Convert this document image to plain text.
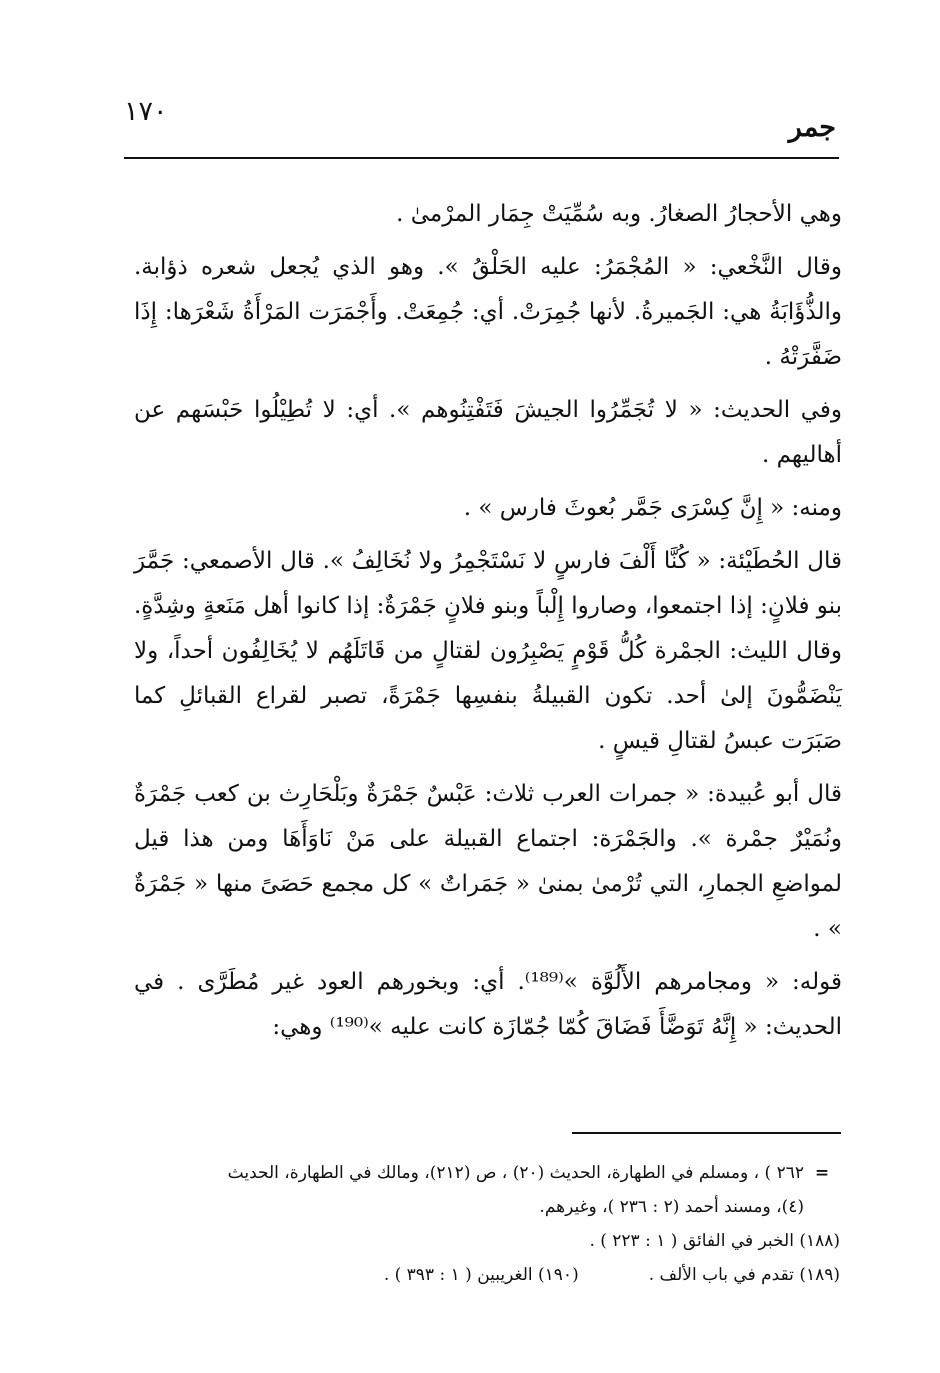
١٧٠
جمر

وهي الأحجارُ الصغارُ. وبه سُمِّيَتْ جِمَار المرْمىٰ .

وقال النَّخْعي: « المُجْمَرُ: عليه الحَلْقُ ». وهو الذي يُجعل شعره ذؤابة. والذُّؤَابَةُ هي: الجَميرةُ. لأنها جُمِرَتْ. أي: جُمِعَتْ. وأَجْمَرَت المَرْأَةُ شَعْرَها: إِذَا ضَفَّرَتْهُ .

وفي الحديث: « لا تُجَمِّرُوا الجيشَ فَتَفْتِنُوهم ». أي: لا تُطِيْلُوا حَبْسَهم عن أهاليهم .

ومنه: « إِنَّ كِسْرَى جَمَّر بُعوثَ فارس » .

قال الحُطَيْئة: « كُنَّا أَلْفَ فارسٍ لا نَسْتَجْمِرُ ولا نُخَالِفُ ». قال الأصمعي: جَمَّرَ بنو فلانٍ: إذا اجتمعوا، وصاروا إِلْباً وبنو فلانٍ جَمْرَةٌ: إذا كانوا أهل مَنَعةٍ وشِدَّةٍ. وقال الليث: الجمْرة كُلُّ قَوْمٍ يَصْبِرُون لقتالٍ من قَاتَلَهُم لا يُخَالِفُون أحداً، ولا يَنْضَمُّونَ إلىٰ أحد. تكون القبيلةُ بنفسِها جَمْرَةً، تصبر لقراع القبائلِ كما صَبَرَت عبسُ لقتالِ قيسٍ .

قال أبو عُبيدة: « جمرات العرب ثلاث: عَبْسٌ جَمْرَةٌ وبَلْحَارِث بن كعب جَمْرَةٌ ونُمَيْرٌ جمْرة ». والجَمْرَة: اجتماع القبيلة على مَنْ نَاوَأَهَا ومن هذا قيل لمواضعِ الجمارِ، التي تُرْمىٰ بمنىٰ « جَمَراتٌ » كل مجمع حَصَىً منها « جَمْرَةٌ » .

قوله: « ومجامرهم الأَلُوَّة »⁽¹⁸⁹⁾. أي: وبخورهم العود غير مُطَرَّى . في الحديث: « إِنَّهُ تَوَضَّأَ فَضَاقَ كُمّا جُمّازَة كانت عليه »⁽¹⁹⁰⁾ وهي:

=٢٦٢ ) ، ومسلم في الطهارة، الحديث (٢٠) ، ص (٢١٢)، ومالك في الطهارة، الحديث

(٤)، ومسند أحمد (٢ : ٢٣٦ )، وغيرهم.

(١٨٨) الخبر في الفائق ( ١ : ٢٢٣ ) .

(١٨٩) تقدم في باب الألف .(١٩٠) الغريبين ( ١ : ٣٩٣ ) .
